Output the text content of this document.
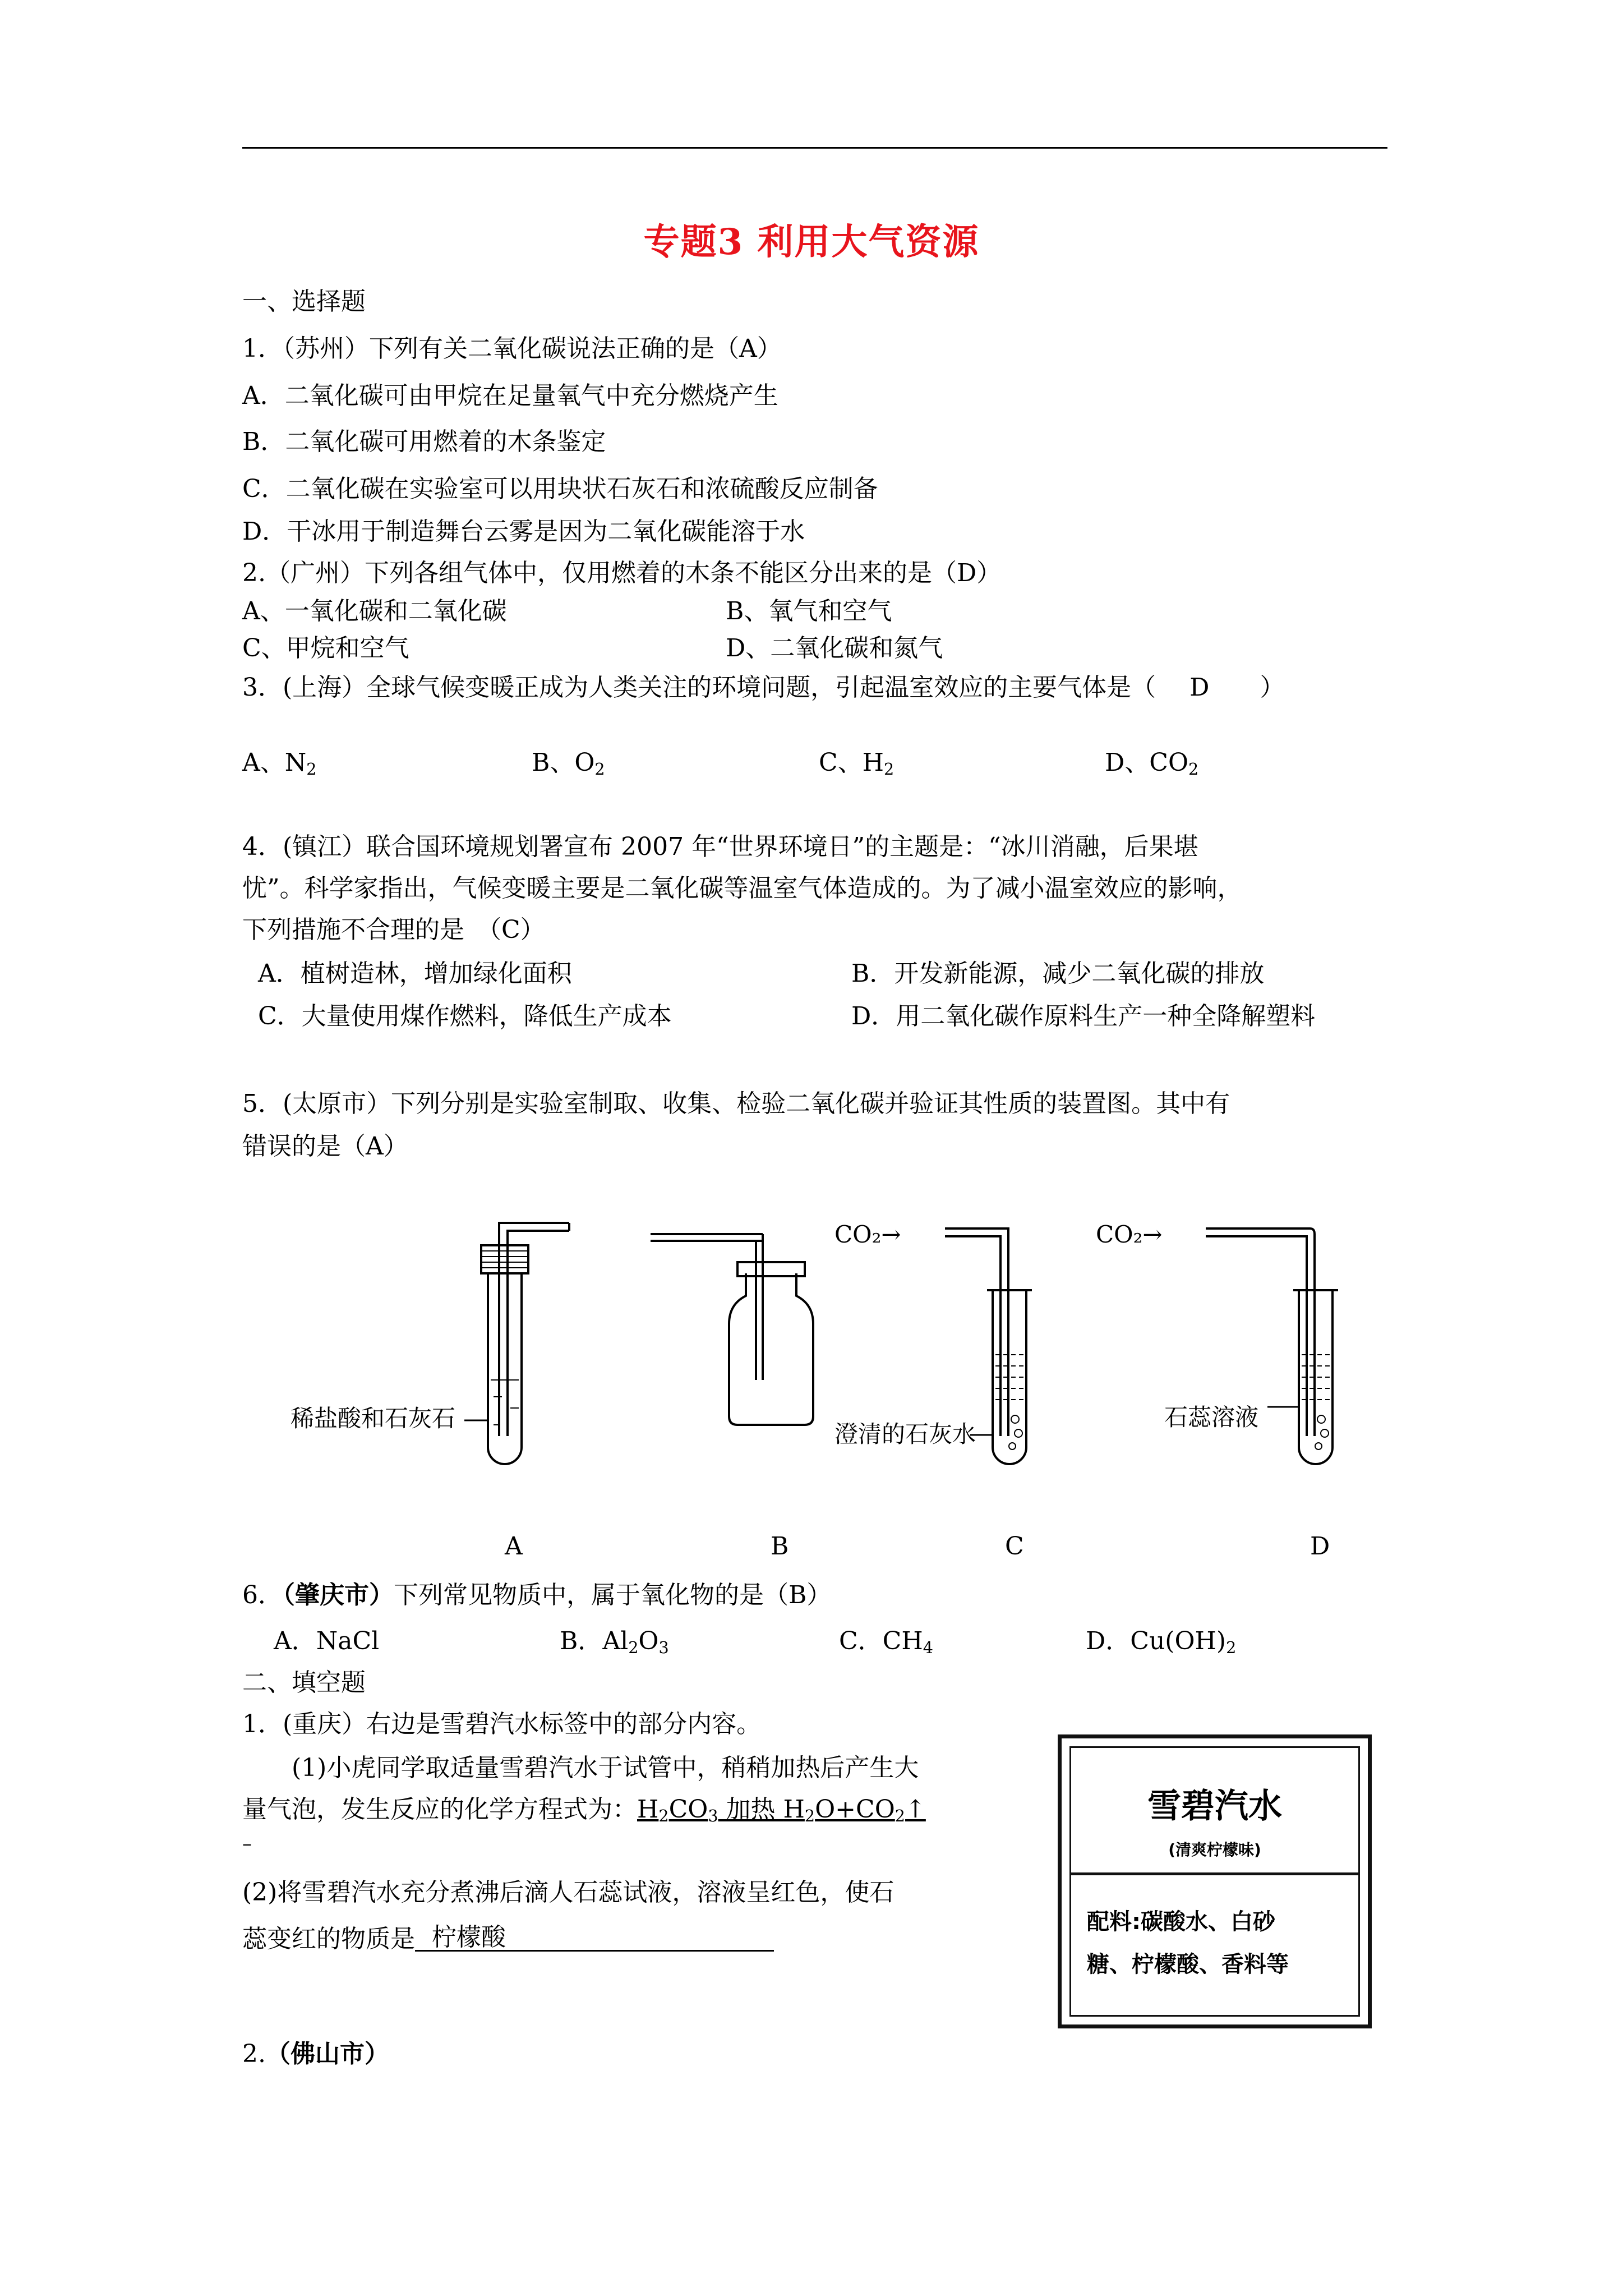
专题3 利用大气资源
一、选择题
1．（苏州）下列有关二氧化碳说法正确的是（A）
A．二氧化碳可由甲烷在足量氧气中充分燃烧产生
B．二氧化碳可用燃着的木条鉴定
C．二氧化碳在实验室可以用块状石灰石和浓硫酸反应制备
D．干冰用于制造舞台云雾是因为二氧化碳能溶于水
2.（广州）下列各组气体中，仅用燃着的木条不能区分出来的是（D）
A、一氧化碳和二氧化碳	B、氧气和空气
C、甲烷和空气	D、二氧化碳和氮气
3．(上海）全球气候变暖正成为人类关注的环境问题，引起温室效应的主要气体是（ D ）
A、$N_2$	B、$O_2$	C、$H_2$	D、$CO_2$
4．(镇江）联合国环境规划署宣布 2007 年“世界环境日”的主题是：“冰川消融，后果堪
忧”。科学家指出，气候变暖主要是二氧化碳等温室气体造成的。为了减小温室效应的影响，
下列措施不合理的是　（C）
A．植树造林，增加绿化面积	B．开发新能源，减少二氧化碳的排放
C．大量使用煤作燃料，降低生产成本	D．用二氧化碳作原料生产一种全降解塑料
5．(太原市）下列分别是实验室制取、收集、检验二氧化碳并验证其性质的装置图。其中有
错误的是（A）
稀盐酸和石灰石
澄清的石灰水
石蕊溶液
CO₂→	CO₂→
A	B	C	D
6．（肇庆市）下列常见物质中，属于氧化物的是（B）
A．NaCl	B．$Al_2O_3$	C．$CH_4$	D．$Cu(OH)_2$
二、填空题
1．(重庆）右边是雪碧汽水标签中的部分内容。
(1)小虎同学取适量雪碧汽水于试管中，稍稍加热后产生大
量气泡，发生反应的化学方程式为：$H_2CO_3$ 加热 $H_2O+CO_2↑$
–
(2)将雪碧汽水充分煮沸后滴人石蕊试液，溶液呈红色，使石
蕊变红的物质是 柠檬酸
雪碧汽水
(清爽柠檬味)
配料:碳酸水、白砂
糖、柠檬酸、香料等
2.（佛山市）
